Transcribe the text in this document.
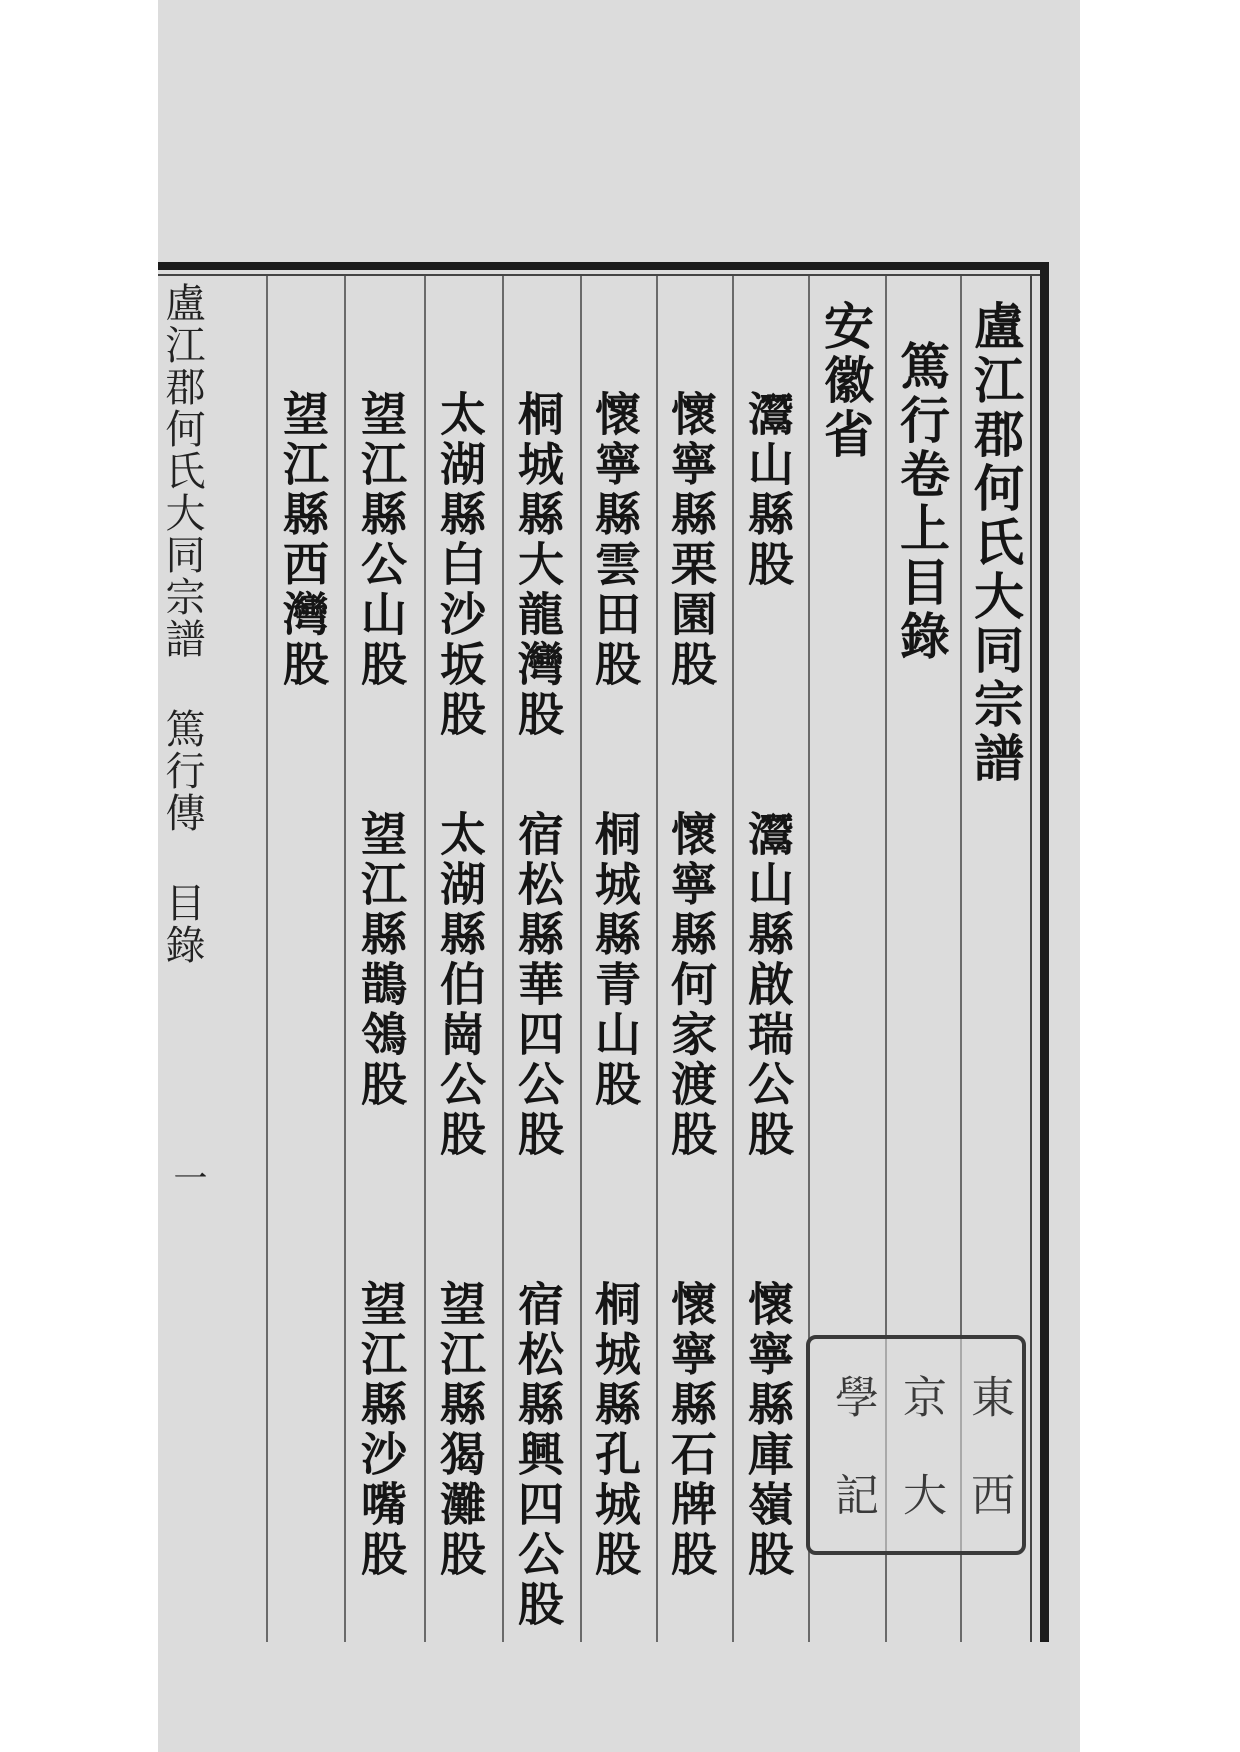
盧江郡何氏大同宗譜
篤行卷上目錄
安徽省
灊山縣股
灊山縣啟瑞公股
懷寧縣庫嶺股
懷寧縣栗園股
懷寧縣何家渡股
懷寧縣石牌股
懷寧縣雲田股
桐城縣青山股
桐城縣孔城股
桐城縣大龍灣股
宿松縣華四公股
宿松縣興四公股
太湖縣白沙坂股
太湖縣伯崗公股
望江縣猲灘股
望江縣公山股
望江縣鵲鴒股
望江縣沙嘴股
望江縣西灣股
盧江郡何氏大同宗譜 篤行傳 目錄
一
東
西
京
大
學
記
